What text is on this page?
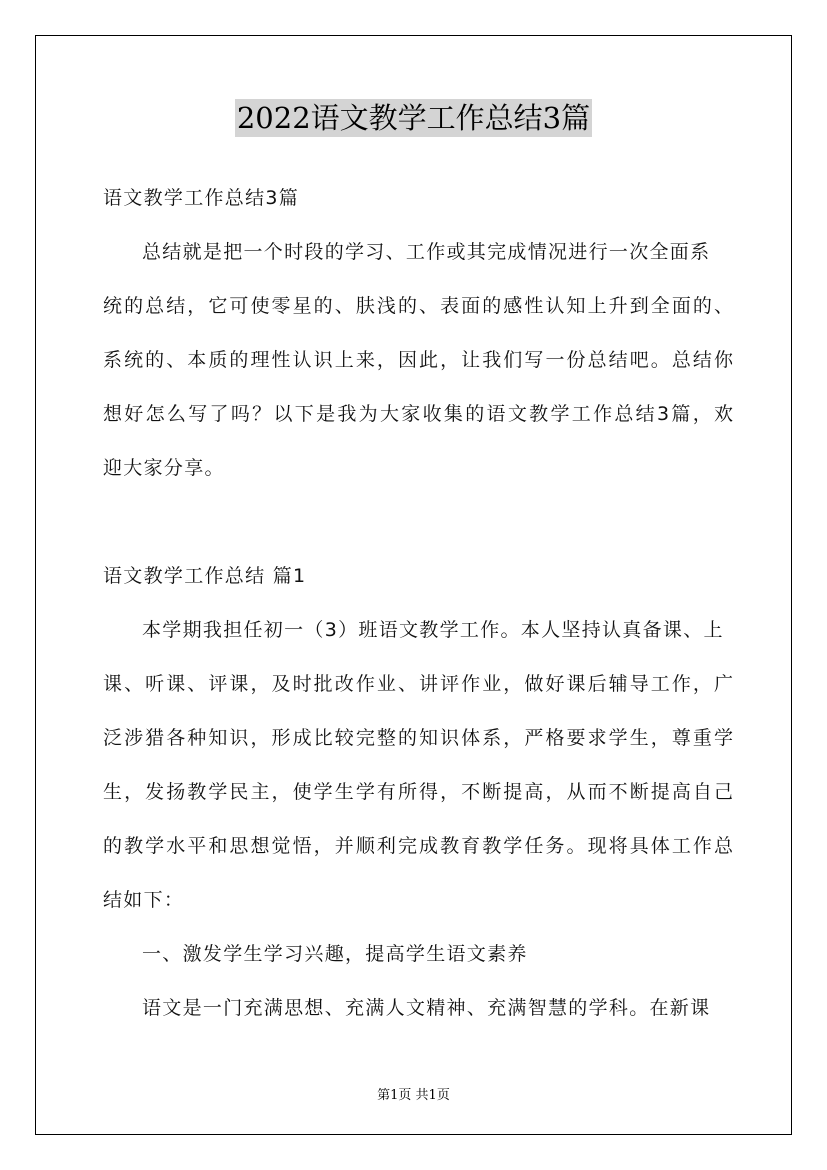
2022语文教学工作总结3篇
语文教学工作总结3篇
总结就是把一个时段的学习、工作或其完成情况进行一次全面系
统的总结，它可使零星的、肤浅的、表面的感性认知上升到全面的、
系统的、本质的理性认识上来，因此，让我们写一份总结吧。总结你
想好怎么写了吗？以下是我为大家收集的语文教学工作总结3篇，欢
迎大家分享。
语文教学工作总结 篇1
本学期我担任初一（3）班语文教学工作。本人坚持认真备课、上
课、听课、评课，及时批改作业、讲评作业，做好课后辅导工作，广
泛涉猎各种知识，形成比较完整的知识体系，严格要求学生，尊重学
生，发扬教学民主，使学生学有所得，不断提高，从而不断提高自己
的教学水平和思想觉悟，并顺利完成教育教学任务。现将具体工作总
结如下：
一、激发学生学习兴趣，提高学生语文素养
语文是一门充满思想、充满人文精神、充满智慧的学科。在新课
第1页 共1页
